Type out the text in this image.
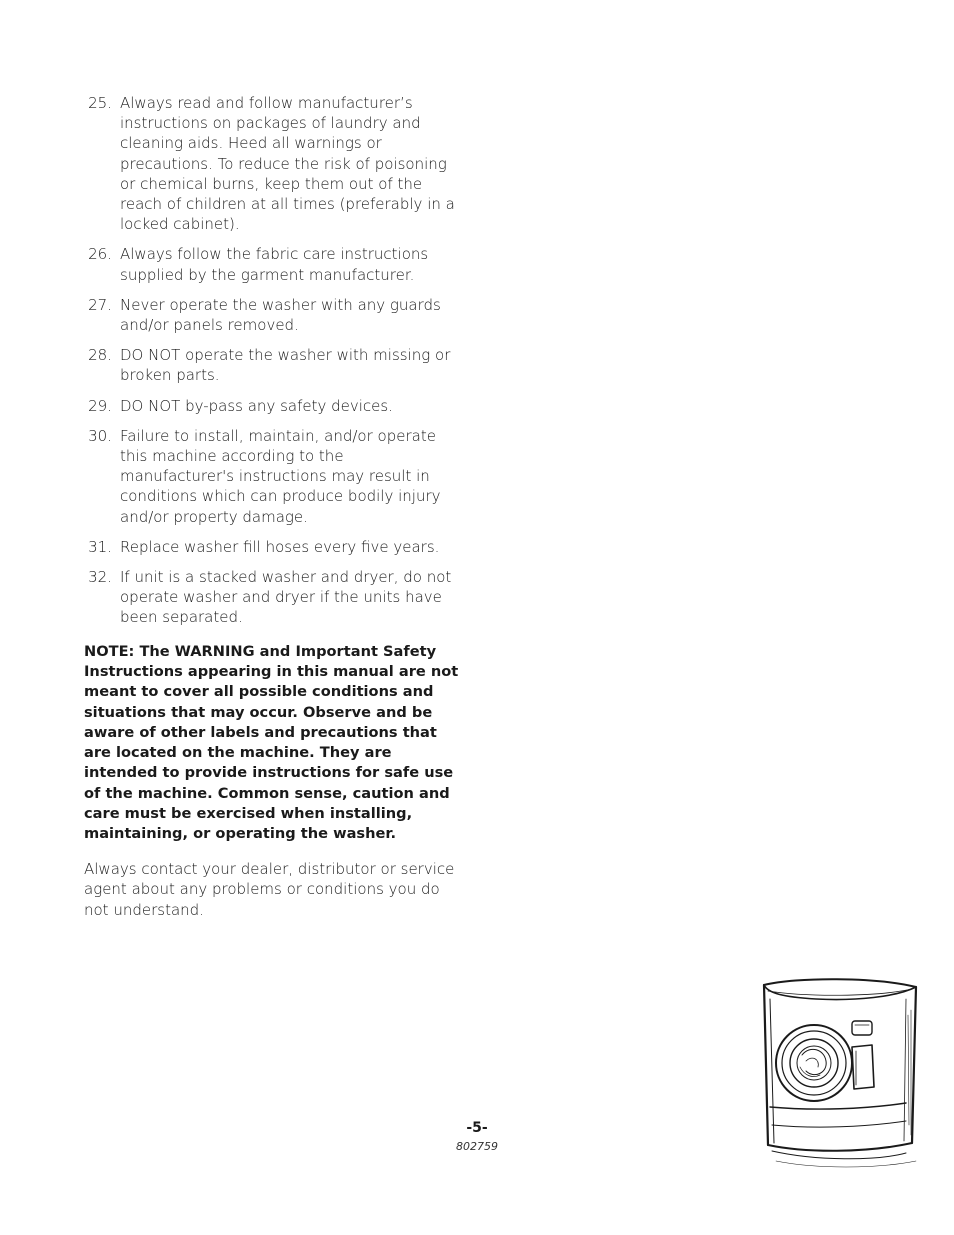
25. Always read and follow manufacturer’s instructions on packages of laundry and cleaning aids. Heed all warnings or precautions. To reduce the risk of poisoning or chemical burns, keep them out of the reach of children at all times (preferably in a locked cabinet).
26. Always follow the fabric care instructions supplied by the garment manufacturer.
27. Never operate the washer with any guards and/or panels removed.
28. DO NOT operate the washer with missing or broken parts.
29. DO NOT by-pass any safety devices.
30. Failure to install, maintain, and/or operate this machine according to the manufacturer's instructions may result in conditions which can produce bodily injury and/or property damage.
31. Replace washer fill hoses every five years.
32. If unit is a stacked washer and dryer, do not operate washer and dryer if the units have been separated.

NOTE: The WARNING and Important Safety Instructions appearing in this manual are not meant to cover all possible conditions and situations that may occur. Observe and be aware of other labels and precautions that are located on the machine. They are intended to provide instructions for safe use of the machine. Common sense, caution and care must be exercised when installing, maintaining, or operating the washer.

Always contact your dealer, distributor or service agent about any problems or conditions you do not understand.

-5-
802759
